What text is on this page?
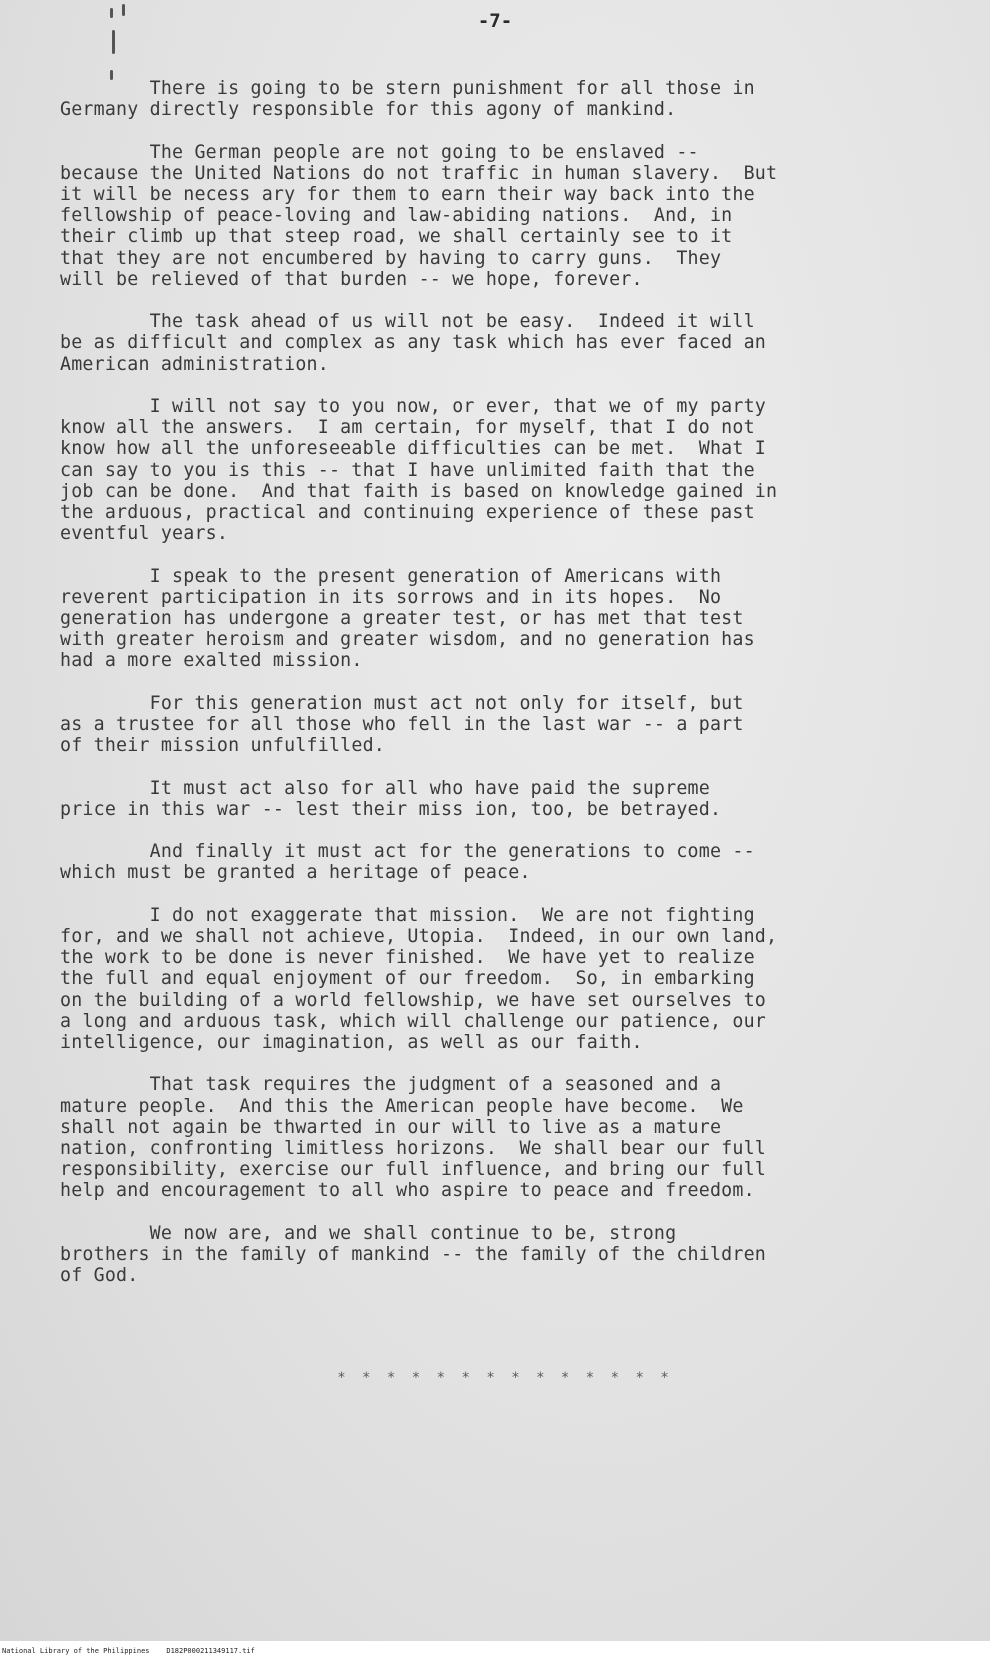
-7-

There is going to be stern punishment for all those in
Germany directly responsible for this agony of mankind.

The German people are not going to be enslaved --
because the United Nations do not traffic in human slavery.  But
it will be necess ary for them to earn their way back into the
fellowship of peace-loving and law-abiding nations.  And, in
their climb up that steep road, we shall certainly see to it
that they are not encumbered by having to carry guns.  They
will be relieved of that burden -- we hope, forever.

The task ahead of us will not be easy.  Indeed it will
be as difficult and complex as any task which has ever faced an
American administration.

I will not say to you now, or ever, that we of my party
know all the answers.  I am certain, for myself, that I do not
know how all the unforeseeable difficulties can be met.  What I
can say to you is this -- that I have unlimited faith that the
job can be done.  And that faith is based on knowledge gained in
the arduous, practical and continuing experience of these past
eventful years.

I speak to the present generation of Americans with
reverent participation in its sorrows and in its hopes.  No
generation has undergone a greater test, or has met that test
with greater heroism and greater wisdom, and no generation has
had a more exalted mission.

For this generation must act not only for itself, but
as a trustee for all those who fell in the last war -- a part
of their mission unfulfilled.

It must act also for all who have paid the supreme
price in this war -- lest their miss ion, too, be betrayed.

And finally it must act for the generations to come --
which must be granted a heritage of peace.

I do not exaggerate that mission.  We are not fighting
for, and we shall not achieve, Utopia.  Indeed, in our own land,
the work to be done is never finished.  We have yet to realize
the full and equal enjoyment of our freedom.  So, in embarking
on the building of a world fellowship, we have set ourselves to
a long and arduous task, which will challenge our patience, our
intelligence, our imagination, as well as our faith.

That task requires the judgment of a seasoned and a
mature people.  And this the American people have become.  We
shall not again be thwarted in our will to live as a mature
nation, confronting limitless horizons.  We shall bear our full
responsibility, exercise our full influence, and bring our full
help and encouragement to all who aspire to peace and freedom.

We now are, and we shall continue to be, strong
brothers in the family of mankind -- the family of the children
of God.

* * * * * * * * * * * * * *
National Library of the Philippines    D182P000211349117.tif
